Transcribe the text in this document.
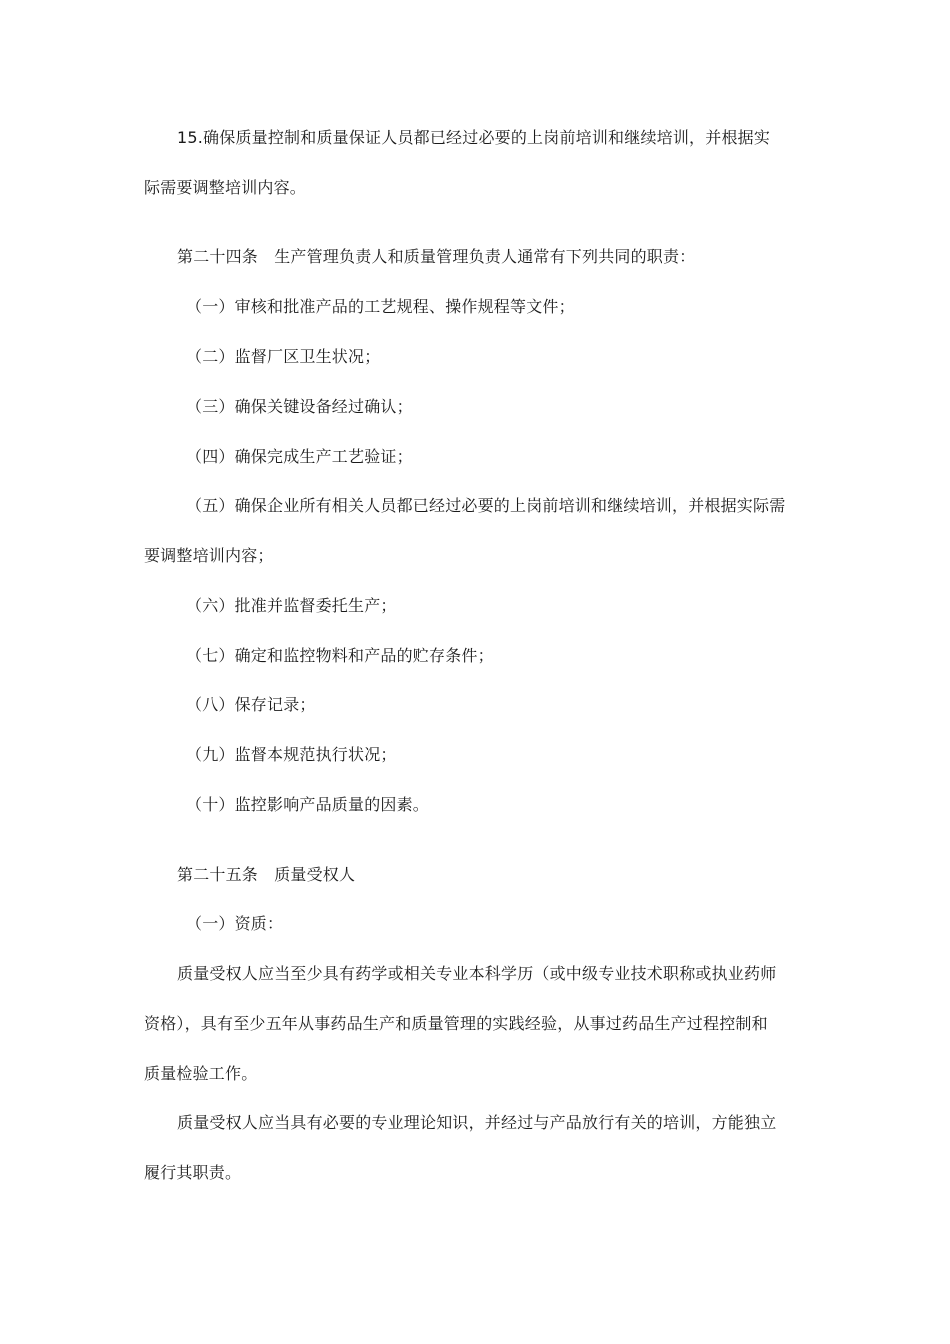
15.确保质量控制和质量保证人员都已经过必要的上岗前培训和继续培训，并根据实
际需要调整培训内容。
第二十四条　生产管理负责人和质量管理负责人通常有下列共同的职责：
（一）审核和批准产品的工艺规程、操作规程等文件；
（二）监督厂区卫生状况；
（三）确保关键设备经过确认；
（四）确保完成生产工艺验证；
（五）确保企业所有相关人员都已经过必要的上岗前培训和继续培训，并根据实际需
要调整培训内容；
（六）批准并监督委托生产；
（七）确定和监控物料和产品的贮存条件；
（八）保存记录；
（九）监督本规范执行状况；
（十）监控影响产品质量的因素。
第二十五条　质量受权人
（一）资质：
质量受权人应当至少具有药学或相关专业本科学历（或中级专业技术职称或执业药师
资格），具有至少五年从事药品生产和质量管理的实践经验，从事过药品生产过程控制和
质量检验工作。
质量受权人应当具有必要的专业理论知识，并经过与产品放行有关的培训，方能独立
履行其职责。
